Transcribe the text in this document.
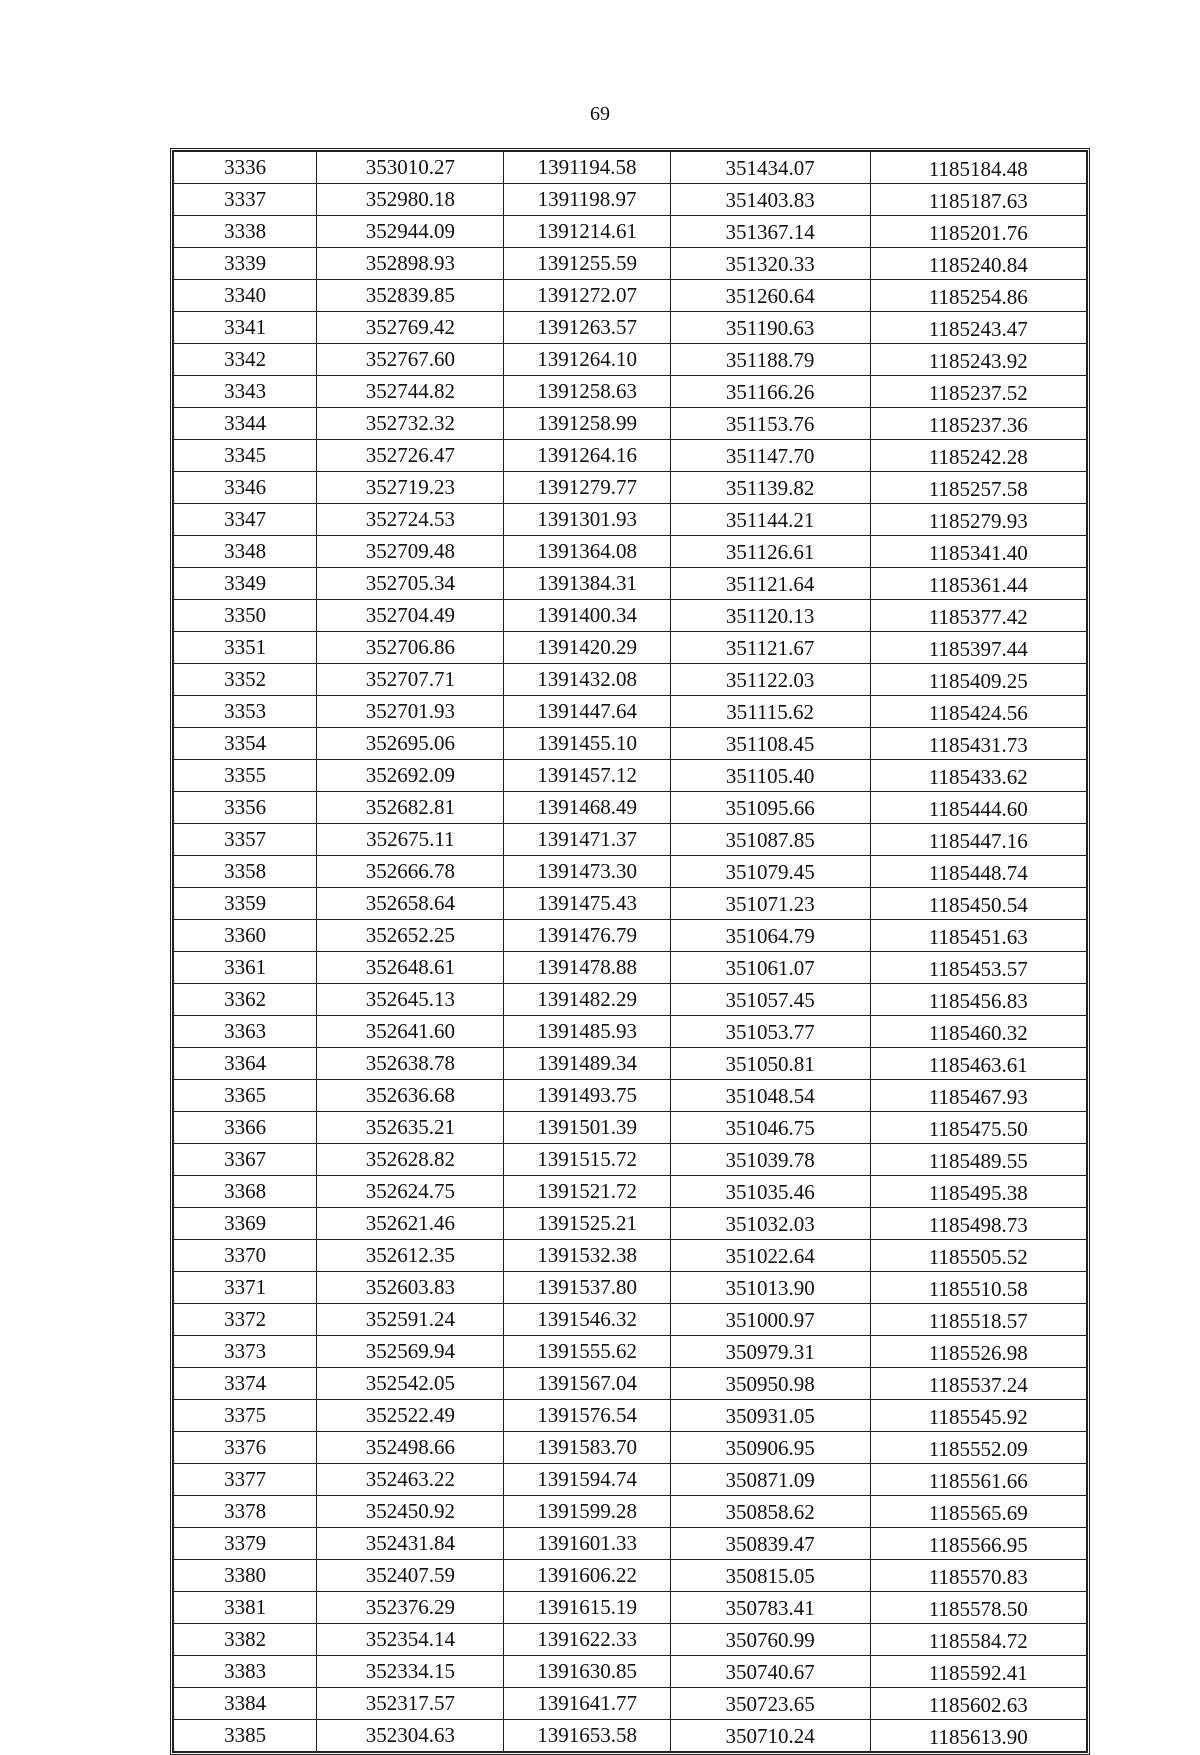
69
3336	353010.27	1391194.58	351434.07	1185184.48
3337	352980.18	1391198.97	351403.83	1185187.63
3338	352944.09	1391214.61	351367.14	1185201.76
3339	352898.93	1391255.59	351320.33	1185240.84
3340	352839.85	1391272.07	351260.64	1185254.86
3341	352769.42	1391263.57	351190.63	1185243.47
3342	352767.60	1391264.10	351188.79	1185243.92
3343	352744.82	1391258.63	351166.26	1185237.52
3344	352732.32	1391258.99	351153.76	1185237.36
3345	352726.47	1391264.16	351147.70	1185242.28
3346	352719.23	1391279.77	351139.82	1185257.58
3347	352724.53	1391301.93	351144.21	1185279.93
3348	352709.48	1391364.08	351126.61	1185341.40
3349	352705.34	1391384.31	351121.64	1185361.44
3350	352704.49	1391400.34	351120.13	1185377.42
3351	352706.86	1391420.29	351121.67	1185397.44
3352	352707.71	1391432.08	351122.03	1185409.25
3353	352701.93	1391447.64	351115.62	1185424.56
3354	352695.06	1391455.10	351108.45	1185431.73
3355	352692.09	1391457.12	351105.40	1185433.62
3356	352682.81	1391468.49	351095.66	1185444.60
3357	352675.11	1391471.37	351087.85	1185447.16
3358	352666.78	1391473.30	351079.45	1185448.74
3359	352658.64	1391475.43	351071.23	1185450.54
3360	352652.25	1391476.79	351064.79	1185451.63
3361	352648.61	1391478.88	351061.07	1185453.57
3362	352645.13	1391482.29	351057.45	1185456.83
3363	352641.60	1391485.93	351053.77	1185460.32
3364	352638.78	1391489.34	351050.81	1185463.61
3365	352636.68	1391493.75	351048.54	1185467.93
3366	352635.21	1391501.39	351046.75	1185475.50
3367	352628.82	1391515.72	351039.78	1185489.55
3368	352624.75	1391521.72	351035.46	1185495.38
3369	352621.46	1391525.21	351032.03	1185498.73
3370	352612.35	1391532.38	351022.64	1185505.52
3371	352603.83	1391537.80	351013.90	1185510.58
3372	352591.24	1391546.32	351000.97	1185518.57
3373	352569.94	1391555.62	350979.31	1185526.98
3374	352542.05	1391567.04	350950.98	1185537.24
3375	352522.49	1391576.54	350931.05	1185545.92
3376	352498.66	1391583.70	350906.95	1185552.09
3377	352463.22	1391594.74	350871.09	1185561.66
3378	352450.92	1391599.28	350858.62	1185565.69
3379	352431.84	1391601.33	350839.47	1185566.95
3380	352407.59	1391606.22	350815.05	1185570.83
3381	352376.29	1391615.19	350783.41	1185578.50
3382	352354.14	1391622.33	350760.99	1185584.72
3383	352334.15	1391630.85	350740.67	1185592.41
3384	352317.57	1391641.77	350723.65	1185602.63
3385	352304.63	1391653.58	350710.24	1185613.90
